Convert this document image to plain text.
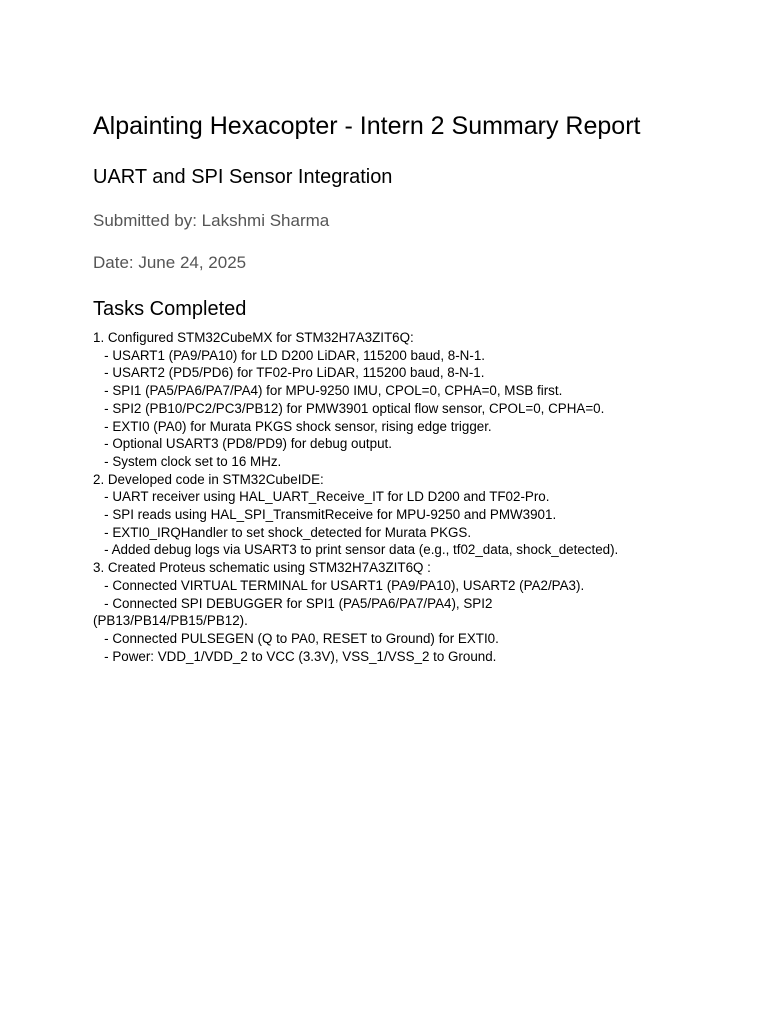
Alpainting Hexacopter - Intern 2 Summary Report
UART and SPI Sensor Integration

Submitted by: Lakshmi Sharma

Date: June 24, 2025

Tasks Completed
1. Configured STM32CubeMX for STM32H7A3ZIT6Q:
- USART1 (PA9/PA10) for LD D200 LiDAR, 115200 baud, 8-N-1.
- USART2 (PD5/PD6) for TF02-Pro LiDAR, 115200 baud, 8-N-1.
- SPI1 (PA5/PA6/PA7/PA4) for MPU-9250 IMU, CPOL=0, CPHA=0, MSB first.
- SPI2 (PB10/PC2/PC3/PB12) for PMW3901 optical flow sensor, CPOL=0, CPHA=0.
- EXTI0 (PA0) for Murata PKGS shock sensor, rising edge trigger.
- Optional USART3 (PD8/PD9) for debug output.
- System clock set to 16 MHz.
2. Developed code in STM32CubeIDE:
- UART receiver using HAL_UART_Receive_IT for LD D200 and TF02-Pro.
- SPI reads using HAL_SPI_TransmitReceive for MPU-9250 and PMW3901.
- EXTI0_IRQHandler to set shock_detected for Murata PKGS.
- Added debug logs via USART3 to print sensor data (e.g., tf02_data, shock_detected).
3. Created Proteus schematic using STM32H7A3ZIT6Q :
- Connected VIRTUAL TERMINAL for USART1 (PA9/PA10), USART2 (PA2/PA3).
- Connected SPI DEBUGGER for SPI1 (PA5/PA6/PA7/PA4), SPI2
(PB13/PB14/PB15/PB12).
- Connected PULSEGEN (Q to PA0, RESET to Ground) for EXTI0.
- Power: VDD_1/VDD_2 to VCC (3.3V), VSS_1/VSS_2 to Ground.
